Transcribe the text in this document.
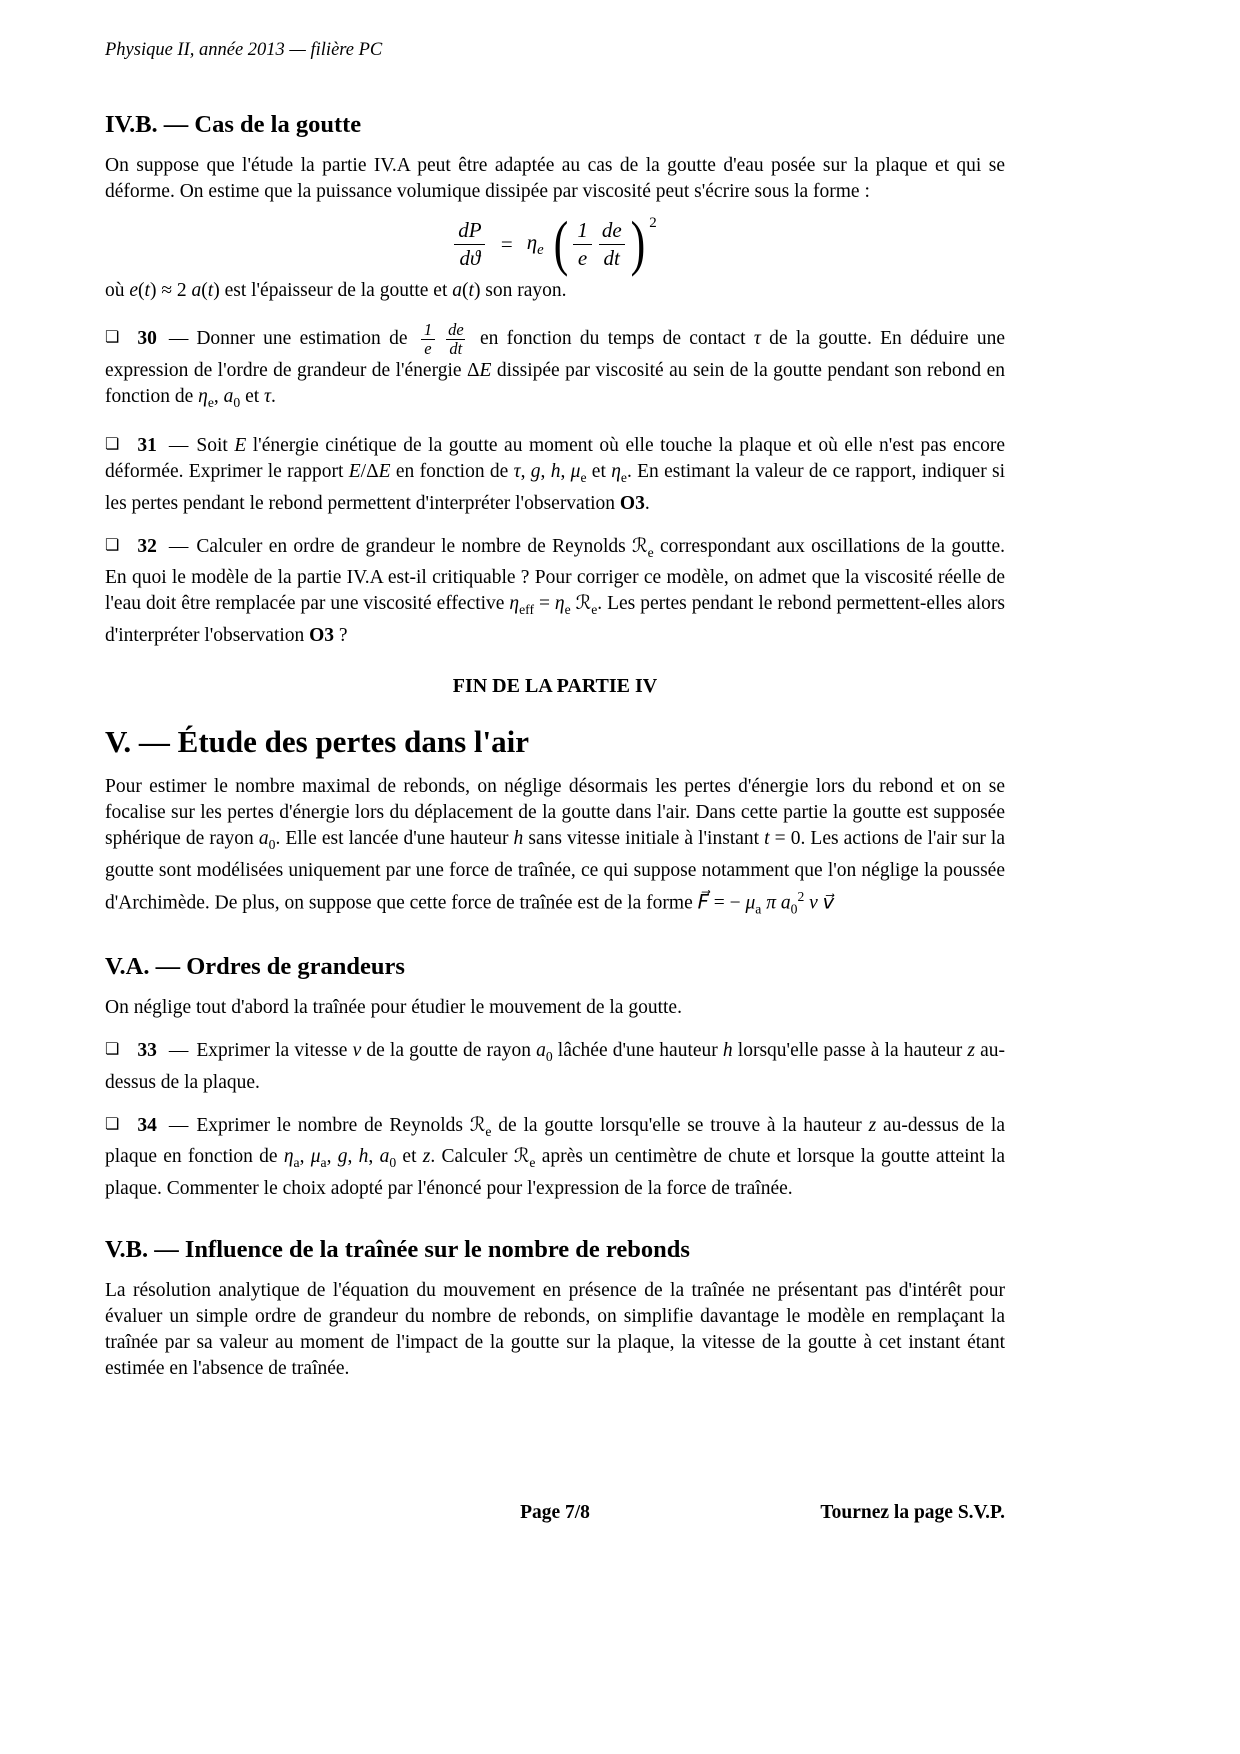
Physique II, année 2013 — filière PC
IV.B. — Cas de la goutte

On suppose que l'étude la partie IV.A peut être adaptée au cas de la goutte d'eau posée sur la plaque et qui se déforme. On estime que la puissance volumique dissipée par viscosité peut s'écrire sous la forme :

$\frac{dP}{dϑ} = \eta_e$ ( $\frac{1}{e} \frac{de}{dt}$ ) 2

où e(t) ≈ 2 a(t) est l'épaisseur de la goutte et a(t) son rayon.

❏ 30 — Donner une estimation de $\frac{1}{e} \frac{de}{dt}$ en fonction du temps de contact τ de la goutte. En déduire une expression de l'ordre de grandeur de l'énergie ΔE dissipée par viscosité au sein de la goutte pendant son rebond en fonction de $\eta_e$, $a_0$ et τ.

❏ 31 — Soit E l'énergie cinétique de la goutte au moment où elle touche la plaque et où elle n'est pas encore déformée. Exprimer le rapport E/ΔE en fonction de τ, g, h, $\mu_e$ et $\eta_e$. En estimant la valeur de ce rapport, indiquer si les pertes pendant le rebond permettent d'interpréter l'observation O3.

❏ 32 — Calculer en ordre de grandeur le nombre de Reynolds ℛ$_e$ correspondant aux oscillations de la goutte. En quoi le modèle de la partie IV.A est-il critiquable ? Pour corriger ce modèle, on admet que la viscosité réelle de l'eau doit être remplacée par une viscosité effective $\eta_{eff} = \eta_e$ ℛ$_e$. Les pertes pendant le rebond permettent-elles alors d'interpréter l'observation O3 ?

FIN DE LA PARTIE IV
V. — Étude des pertes dans l'air

Pour estimer le nombre maximal de rebonds, on néglige désormais les pertes d'énergie lors du rebond et on se focalise sur les pertes d'énergie lors du déplacement de la goutte dans l'air. Dans cette partie la goutte est supposée sphérique de rayon $a_0$. Elle est lancée d'une hauteur h sans vitesse initiale à l'instant t = 0. Les actions de l'air sur la goutte sont modélisées uniquement par une force de traînée, ce qui suppose notamment que l'on néglige la poussée d'Archimède. De plus, on suppose que cette force de traînée est de la forme F⃗ = − $\mu_a$ π $a_0^2$ v v⃗

V.A. — Ordres de grandeurs

On néglige tout d'abord la traînée pour étudier le mouvement de la goutte.

❏ 33 — Exprimer la vitesse v de la goutte de rayon $a_0$ lâchée d'une hauteur h lorsqu'elle passe à la hauteur z au-dessus de la plaque.

❏ 34 — Exprimer le nombre de Reynolds ℛ$_e$ de la goutte lorsqu'elle se trouve à la hauteur z au-dessus de la plaque en fonction de $\eta_a$, $\mu_a$, g, h, $a_0$ et z. Calculer ℛ$_e$ après un centimètre de chute et lorsque la goutte atteint la plaque. Commenter le choix adopté par l'énoncé pour l'expression de la force de traînée.

V.B. — Influence de la traînée sur le nombre de rebonds

La résolution analytique de l'équation du mouvement en présence de la traînée ne présentant pas d'intérêt pour évaluer un simple ordre de grandeur du nombre de rebonds, on simplifie davantage le modèle en remplaçant la traînée par sa valeur au moment de l'impact de la goutte sur la plaque, la vitesse de la goutte à cet instant étant estimée en l'absence de traînée.

Page 7/8	Tournez la page S.V.P.
